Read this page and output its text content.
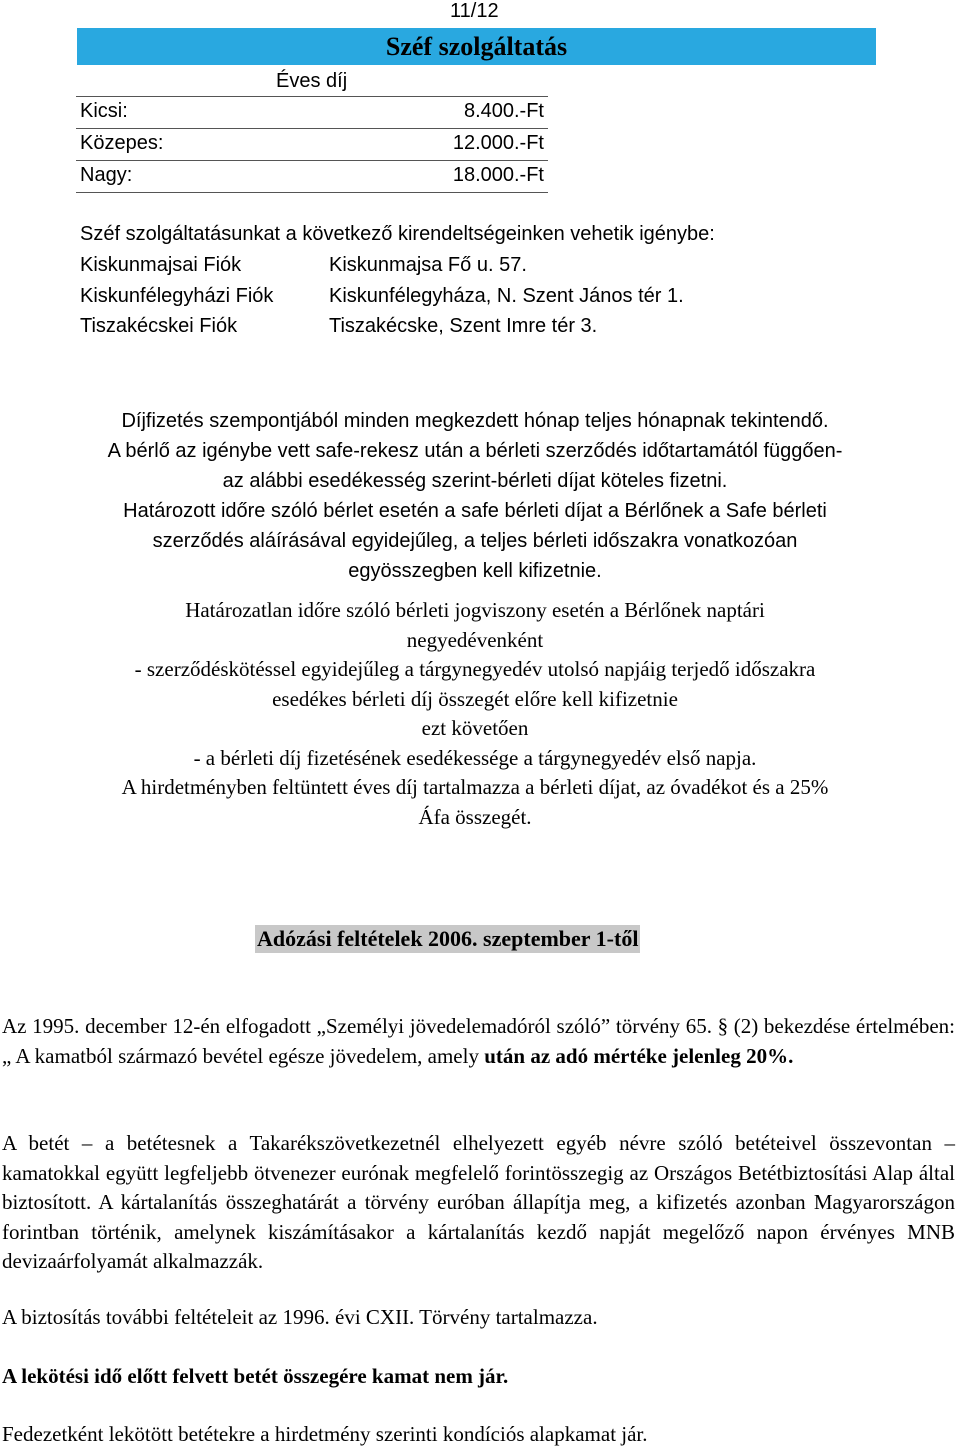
11/12
Széf szolgáltatás
Éves díj
Kicsi:	8.400.-Ft
Közepes:	12.000.-Ft
Nagy:	18.000.-Ft
Széf szolgáltatásunkat a következő kirendeltségeinken vehetik igénybe:
Kiskunmajsai Fiók	Kiskunmajsa Fő u. 57.
Kiskunfélegyházi Fiók	Kiskunfélegyháza, N. Szent János tér 1.
Tiszakécskei Fiók	Tiszakécske, Szent Imre tér 3.

Díjfizetés szempontjából minden megkezdett hónap teljes hónapnak tekintendő.

A bérlő az igénybe vett safe-rekesz után a bérleti szerződés időtartamától függően-

az alábbi esedékesség szerint-bérleti díjat köteles fizetni.

Határozott időre szóló bérlet esetén a safe bérleti díjat a Bérlőnek a Safe bérleti

szerződés aláírásával egyidejűleg, a teljes bérleti időszakra vonatkozóan

egyösszegben kell kifizetnie.

Határozatlan időre szóló bérleti jogviszony esetén a Bérlőnek naptári

negyedévenként

- szerződéskötéssel egyidejűleg a tárgynegyedév utolsó napjáig terjedő időszakra

esedékes bérleti díj összegét előre kell kifizetnie

ezt követően

- a bérleti díj fizetésének esedékessége a tárgynegyedév első napja.

A hirdetményben feltüntett éves díj tartalmazza a bérleti díjat, az óvadékot és a 25%

Áfa összegét.

Adózási feltételek 2006. szeptember 1-től

Az 1995. december 12-én elfogadott „Személyi jövedelemadóról szóló” törvény 65. § (2) bekezdése értelmében: „ A kamatból származó bevétel egésze jövedelem, amely után az adó mértéke jelenleg 20%.

A betét – a betétesnek a Takarékszövetkezetnél elhelyezett egyéb névre szóló betéteivel összevontan – kamatokkal együtt legfeljebb ötvenezer eurónak megfelelő forintösszegig az Országos Betétbiztosítási Alap által biztosított. A kártalanítás összeghatárát a törvény euróban állapítja meg, a kifizetés azonban Magyarországon forintban történik, amelynek kiszámításakor a kártalanítás kezdő napját megelőző napon érvényes MNB devizaárfolyamát alkalmazzák.

A biztosítás további feltételeit az 1996. évi CXII. Törvény tartalmazza.
A lekötési idő előtt felvett betét összegére kamat nem jár.
Fedezetként lekötött betétekre a hirdetmény szerinti kondíciós alapkamat jár.
